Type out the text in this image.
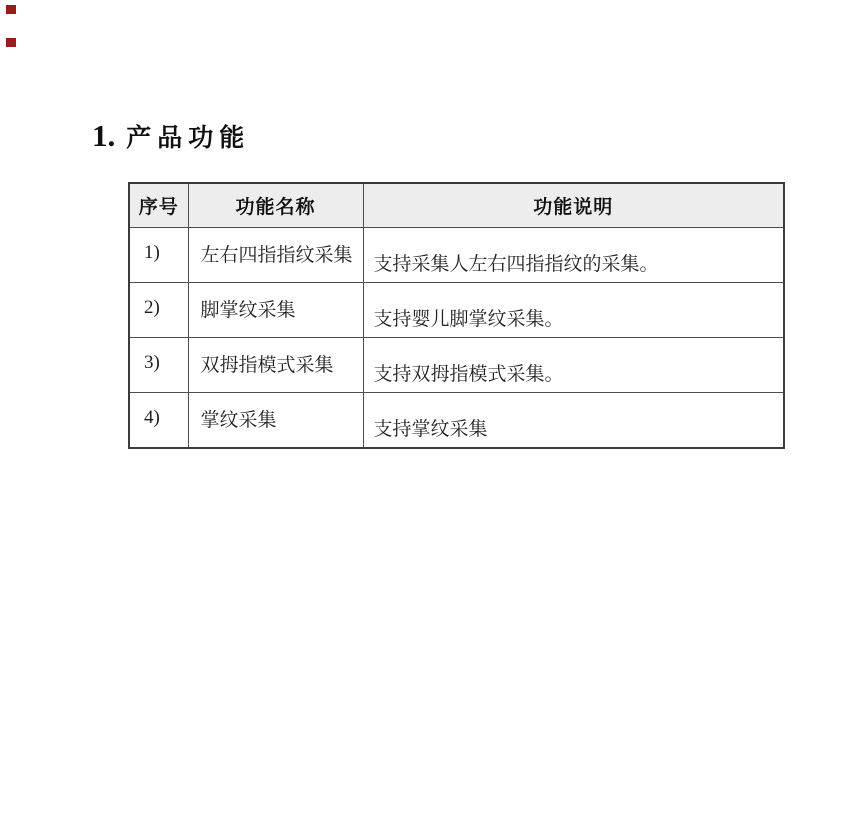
1. 产品功能
序号	功能名称	功能说明
1)	左右四指指纹采集	支持采集人左右四指指纹的采集。
2)	脚掌纹采集	支持婴儿脚掌纹采集。
3)	双拇指模式采集	支持双拇指模式采集。
4)	掌纹采集	支持掌纹采集
